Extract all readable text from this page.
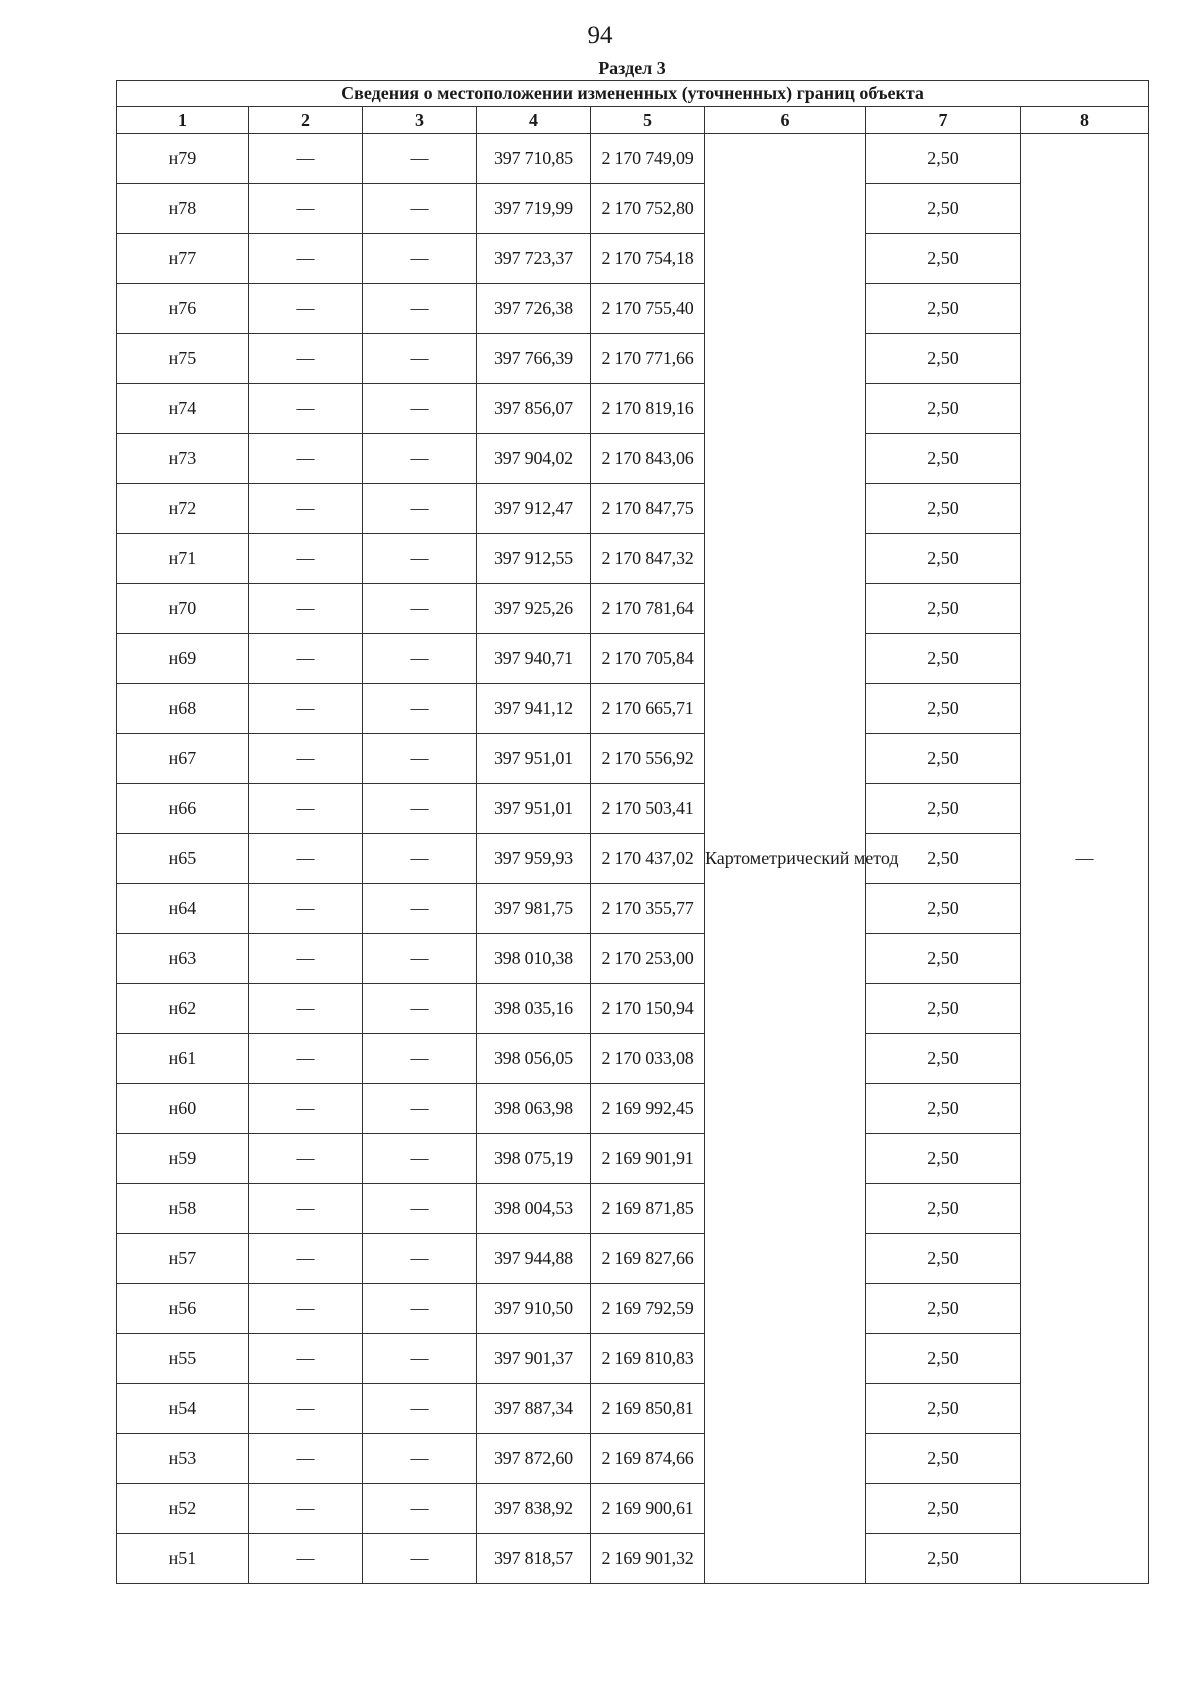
94
Раздел 3
Сведения о местоположении измененных (уточненных) границ объекта							
1	2	3	4	5	6	7	8
н79	—	—	397 710,85	2 170 749,09	Картометрический метод	2,50	—
н78	—	—	397 719,99	2 170 752,80		2,50	
н77	—	—	397 723,37	2 170 754,18		2,50	
н76	—	—	397 726,38	2 170 755,40		2,50	
н75	—	—	397 766,39	2 170 771,66		2,50	
н74	—	—	397 856,07	2 170 819,16		2,50	
н73	—	—	397 904,02	2 170 843,06		2,50	
н72	—	—	397 912,47	2 170 847,75		2,50	
н71	—	—	397 912,55	2 170 847,32		2,50	
н70	—	—	397 925,26	2 170 781,64		2,50	
н69	—	—	397 940,71	2 170 705,84		2,50	
н68	—	—	397 941,12	2 170 665,71		2,50	
н67	—	—	397 951,01	2 170 556,92		2,50	
н66	—	—	397 951,01	2 170 503,41		2,50	
н65	—	—	397 959,93	2 170 437,02		2,50	
н64	—	—	397 981,75	2 170 355,77		2,50	
н63	—	—	398 010,38	2 170 253,00		2,50	
н62	—	—	398 035,16	2 170 150,94		2,50	
н61	—	—	398 056,05	2 170 033,08		2,50	
н60	—	—	398 063,98	2 169 992,45		2,50	
н59	—	—	398 075,19	2 169 901,91		2,50	
н58	—	—	398 004,53	2 169 871,85		2,50	
н57	—	—	397 944,88	2 169 827,66		2,50	
н56	—	—	397 910,50	2 169 792,59		2,50	
н55	—	—	397 901,37	2 169 810,83		2,50	
н54	—	—	397 887,34	2 169 850,81		2,50	
н53	—	—	397 872,60	2 169 874,66		2,50	
н52	—	—	397 838,92	2 169 900,61		2,50	
н51	—	—	397 818,57	2 169 901,32		2,50	
